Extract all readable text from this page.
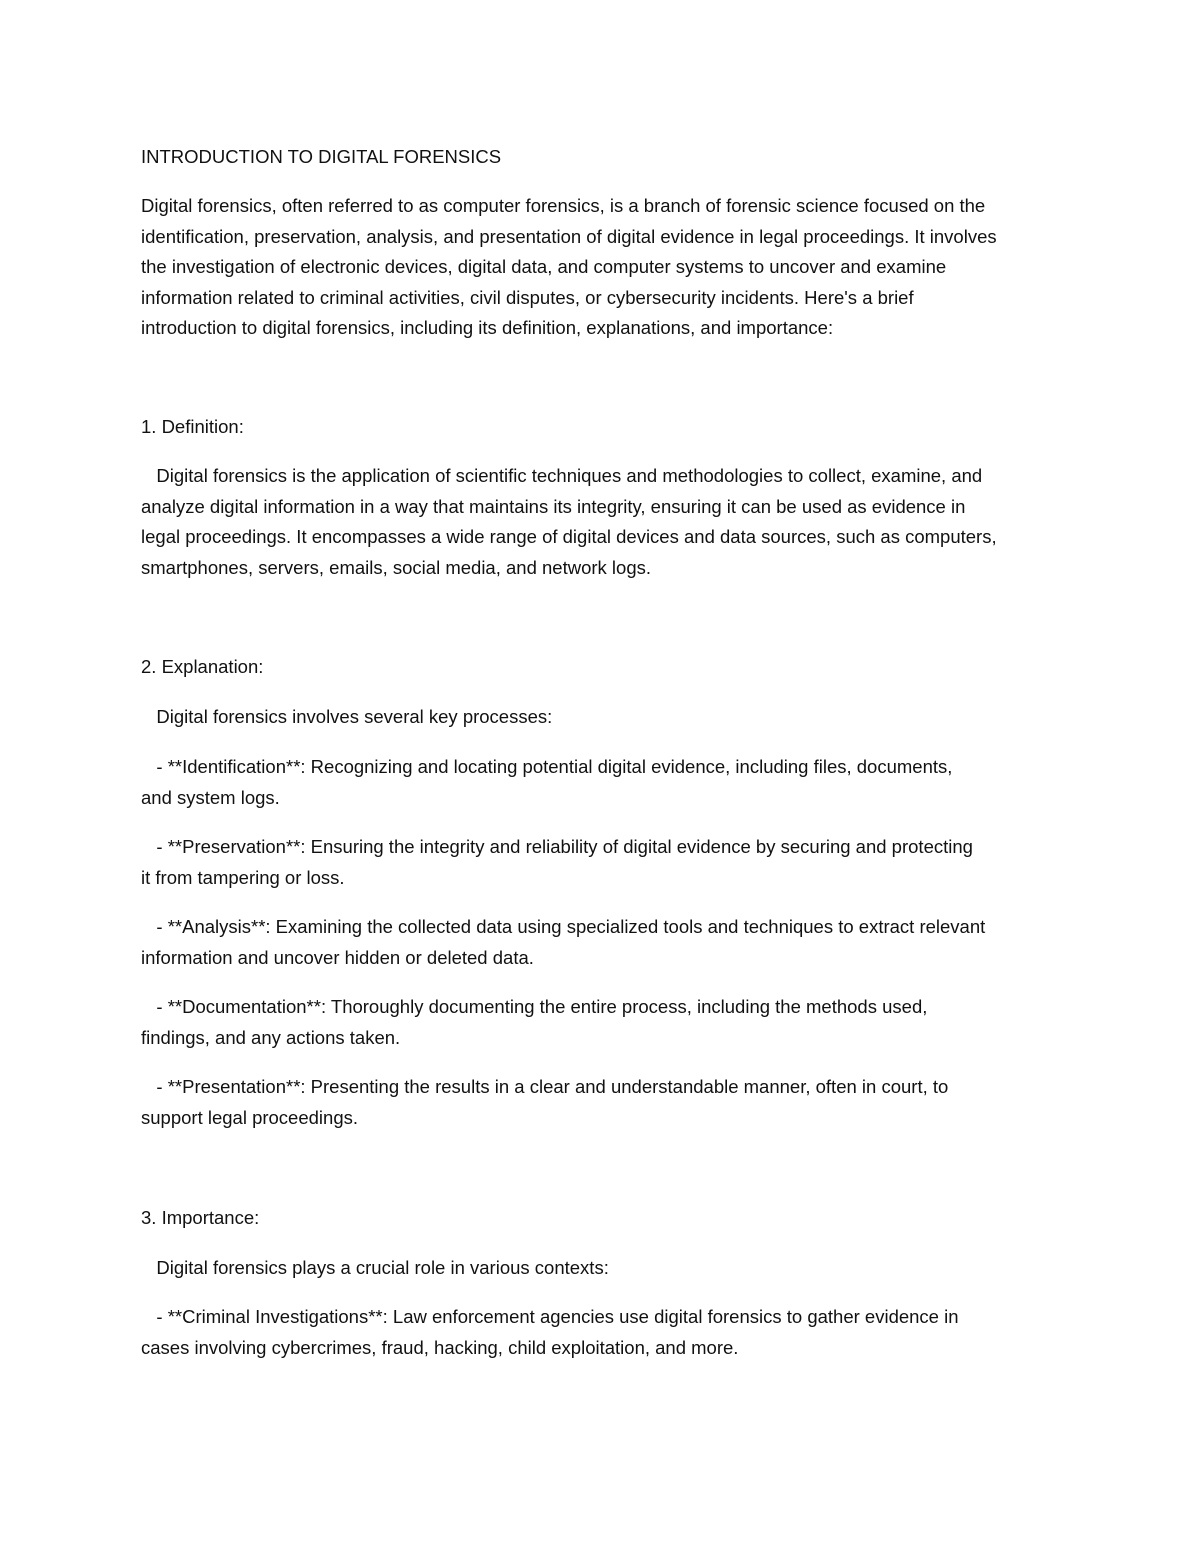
INTRODUCTION TO DIGITAL FORENSICS

Digital forensics, often referred to as computer forensics, is a branch of forensic science focused on the
identification, preservation, analysis, and presentation of digital evidence in legal proceedings. It involves
the investigation of electronic devices, digital data, and computer systems to uncover and examine
information related to criminal activities, civil disputes, or cybersecurity incidents. Here's a brief
introduction to digital forensics, including its definition, explanations, and importance:

1. Definition:

Digital forensics is the application of scientific techniques and methodologies to collect, examine, and
analyze digital information in a way that maintains its integrity, ensuring it can be used as evidence in
legal proceedings. It encompasses a wide range of digital devices and data sources, such as computers,
smartphones, servers, emails, social media, and network logs.

2. Explanation:

Digital forensics involves several key processes:

- **Identification**: Recognizing and locating potential digital evidence, including files, documents,
and system logs.

- **Preservation**: Ensuring the integrity and reliability of digital evidence by securing and protecting
it from tampering or loss.

- **Analysis**: Examining the collected data using specialized tools and techniques to extract relevant
information and uncover hidden or deleted data.

- **Documentation**: Thoroughly documenting the entire process, including the methods used,
findings, and any actions taken.

- **Presentation**: Presenting the results in a clear and understandable manner, often in court, to
support legal proceedings.

3. Importance:

Digital forensics plays a crucial role in various contexts:

- **Criminal Investigations**: Law enforcement agencies use digital forensics to gather evidence in
cases involving cybercrimes, fraud, hacking, child exploitation, and more.
